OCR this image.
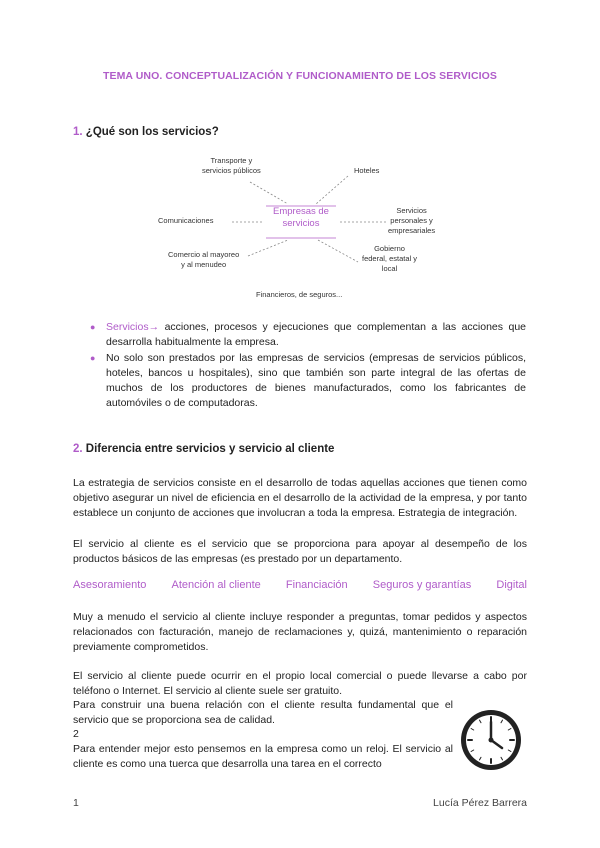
TEMA UNO. CONCEPTUALIZACIÓN Y FUNCIONAMIENTO DE LOS SERVICIOS
1. ¿Qué son los servicios?
Empresas de
servicios
Transporte y
servicios públicos	Hoteles
Comunicaciones
Servicios
personales y
empresariales
Comercio al mayoreo
y al menudeo
Gobierno
federal, estatal y
local
Financieros, de seguros...
● Servicios→ acciones, procesos y ejecuciones que complementan a las acciones que desarrolla habitualmente la empresa.
● No solo son prestados por las empresas de servicios (empresas de servicios públicos, hoteles, bancos u hospitales), sino que también son parte integral de las ofertas de muchos de los productores de bienes manufacturados, como los fabricantes de automóviles o de computadoras.
2. Diferencia entre servicios y servicio al cliente
La estrategia de servicios consiste en el desarrollo de todas aquellas acciones que tienen como objetivo asegurar un nivel de eficiencia en el desarrollo de la actividad de la empresa, y por tanto establece un conjunto de acciones que involucran a toda la empresa. Estrategia de integración.
El servicio al cliente es el servicio que se proporciona para apoyar al desempeño de los productos básicos de las empresas (es prestado por un departamento.
Asesoramiento Atención al cliente Financiación Seguros y garantías Digital
Muy a menudo el servicio al cliente incluye responder a preguntas, tomar pedidos y aspectos relacionados con facturación, manejo de reclamaciones y, quizá, mantenimiento o reparación previamente comprometidos.
El servicio al cliente puede ocurrir en el propio local comercial o puede llevarse a cabo por teléfono o Internet. El servicio al cliente suele ser gratuito.
Para construir una buena relación con el cliente resulta fundamental que el servicio que se proporciona sea de calidad.
2
Para entender mejor esto pensemos en la empresa como un reloj. El servicio al cliente es como una tuerca que desarrolla una tarea en el correcto
1	Lucía Pérez Barrera
